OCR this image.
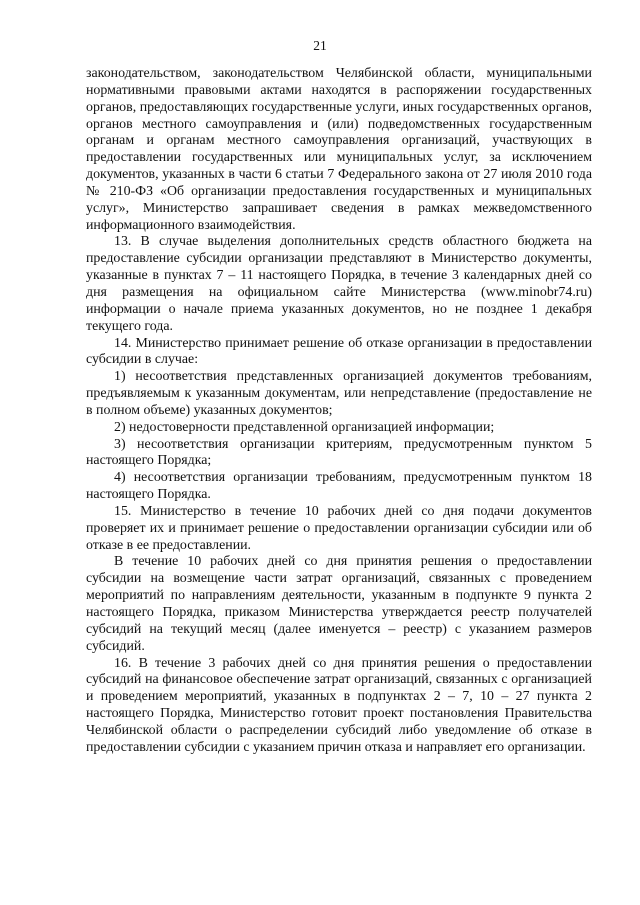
21

законодательством, законодательством Челябинской области, муниципальными нормативными правовыми актами находятся в распоряжении государственных органов, предоставляющих государственные услуги, иных государственных органов, органов местного самоуправления и (или) подведомственных государственным органам и органам местного самоуправления организаций, участвующих в предоставлении государственных или муниципальных услуг, за исключением документов, указанных в части 6 статьи 7 Федерального закона от 27 июля 2010 года № 210-ФЗ «Об организации предоставления государственных и муниципальных услуг», Министерство запрашивает сведения в рамках межведомственного информационного взаимодействия.

13. В случае выделения дополнительных средств областного бюджета на предоставление субсидии организации представляют в Министерство документы, указанные в пунктах 7 – 11 настоящего Порядка, в течение 3 календарных дней со дня размещения на официальном сайте Министерства (www.minobr74.ru) информации о начале приема указанных документов, но не позднее 1 декабря текущего года.

14. Министерство принимает решение об отказе организации в предоставлении субсидии в случае:

1) несоответствия представленных организацией документов требованиям, предъявляемым к указанным документам, или непредставление (предоставление не в полном объеме) указанных документов;

2) недостоверности представленной организацией информации;

3) несоответствия организации критериям, предусмотренным пунктом 5 настоящего Порядка;

4) несоответствия организации требованиям, предусмотренным пунктом 18 настоящего Порядка.

15. Министерство в течение 10 рабочих дней со дня подачи документов проверяет их и принимает решение о предоставлении организации субсидии или об отказе в ее предоставлении.

В течение 10 рабочих дней со дня принятия решения о предоставлении субсидии на возмещение части затрат организаций, связанных с проведением мероприятий по направлениям деятельности, указанным в подпункте 9 пункта 2 настоящего Порядка, приказом Министерства утверждается реестр получателей субсидий на текущий месяц (далее именуется – реестр) с указанием размеров субсидий.

16. В течение 3 рабочих дней со дня принятия решения о предоставлении субсидий на финансовое обеспечение затрат организаций, связанных с организацией и проведением мероприятий, указанных в подпунктах 2 – 7, 10 – 27 пункта 2 настоящего Порядка, Министерство готовит проект постановления Правительства Челябинской области о распределении субсидий либо уведомление об отказе в предоставлении субсидии с указанием причин отказа и направляет его организации.
